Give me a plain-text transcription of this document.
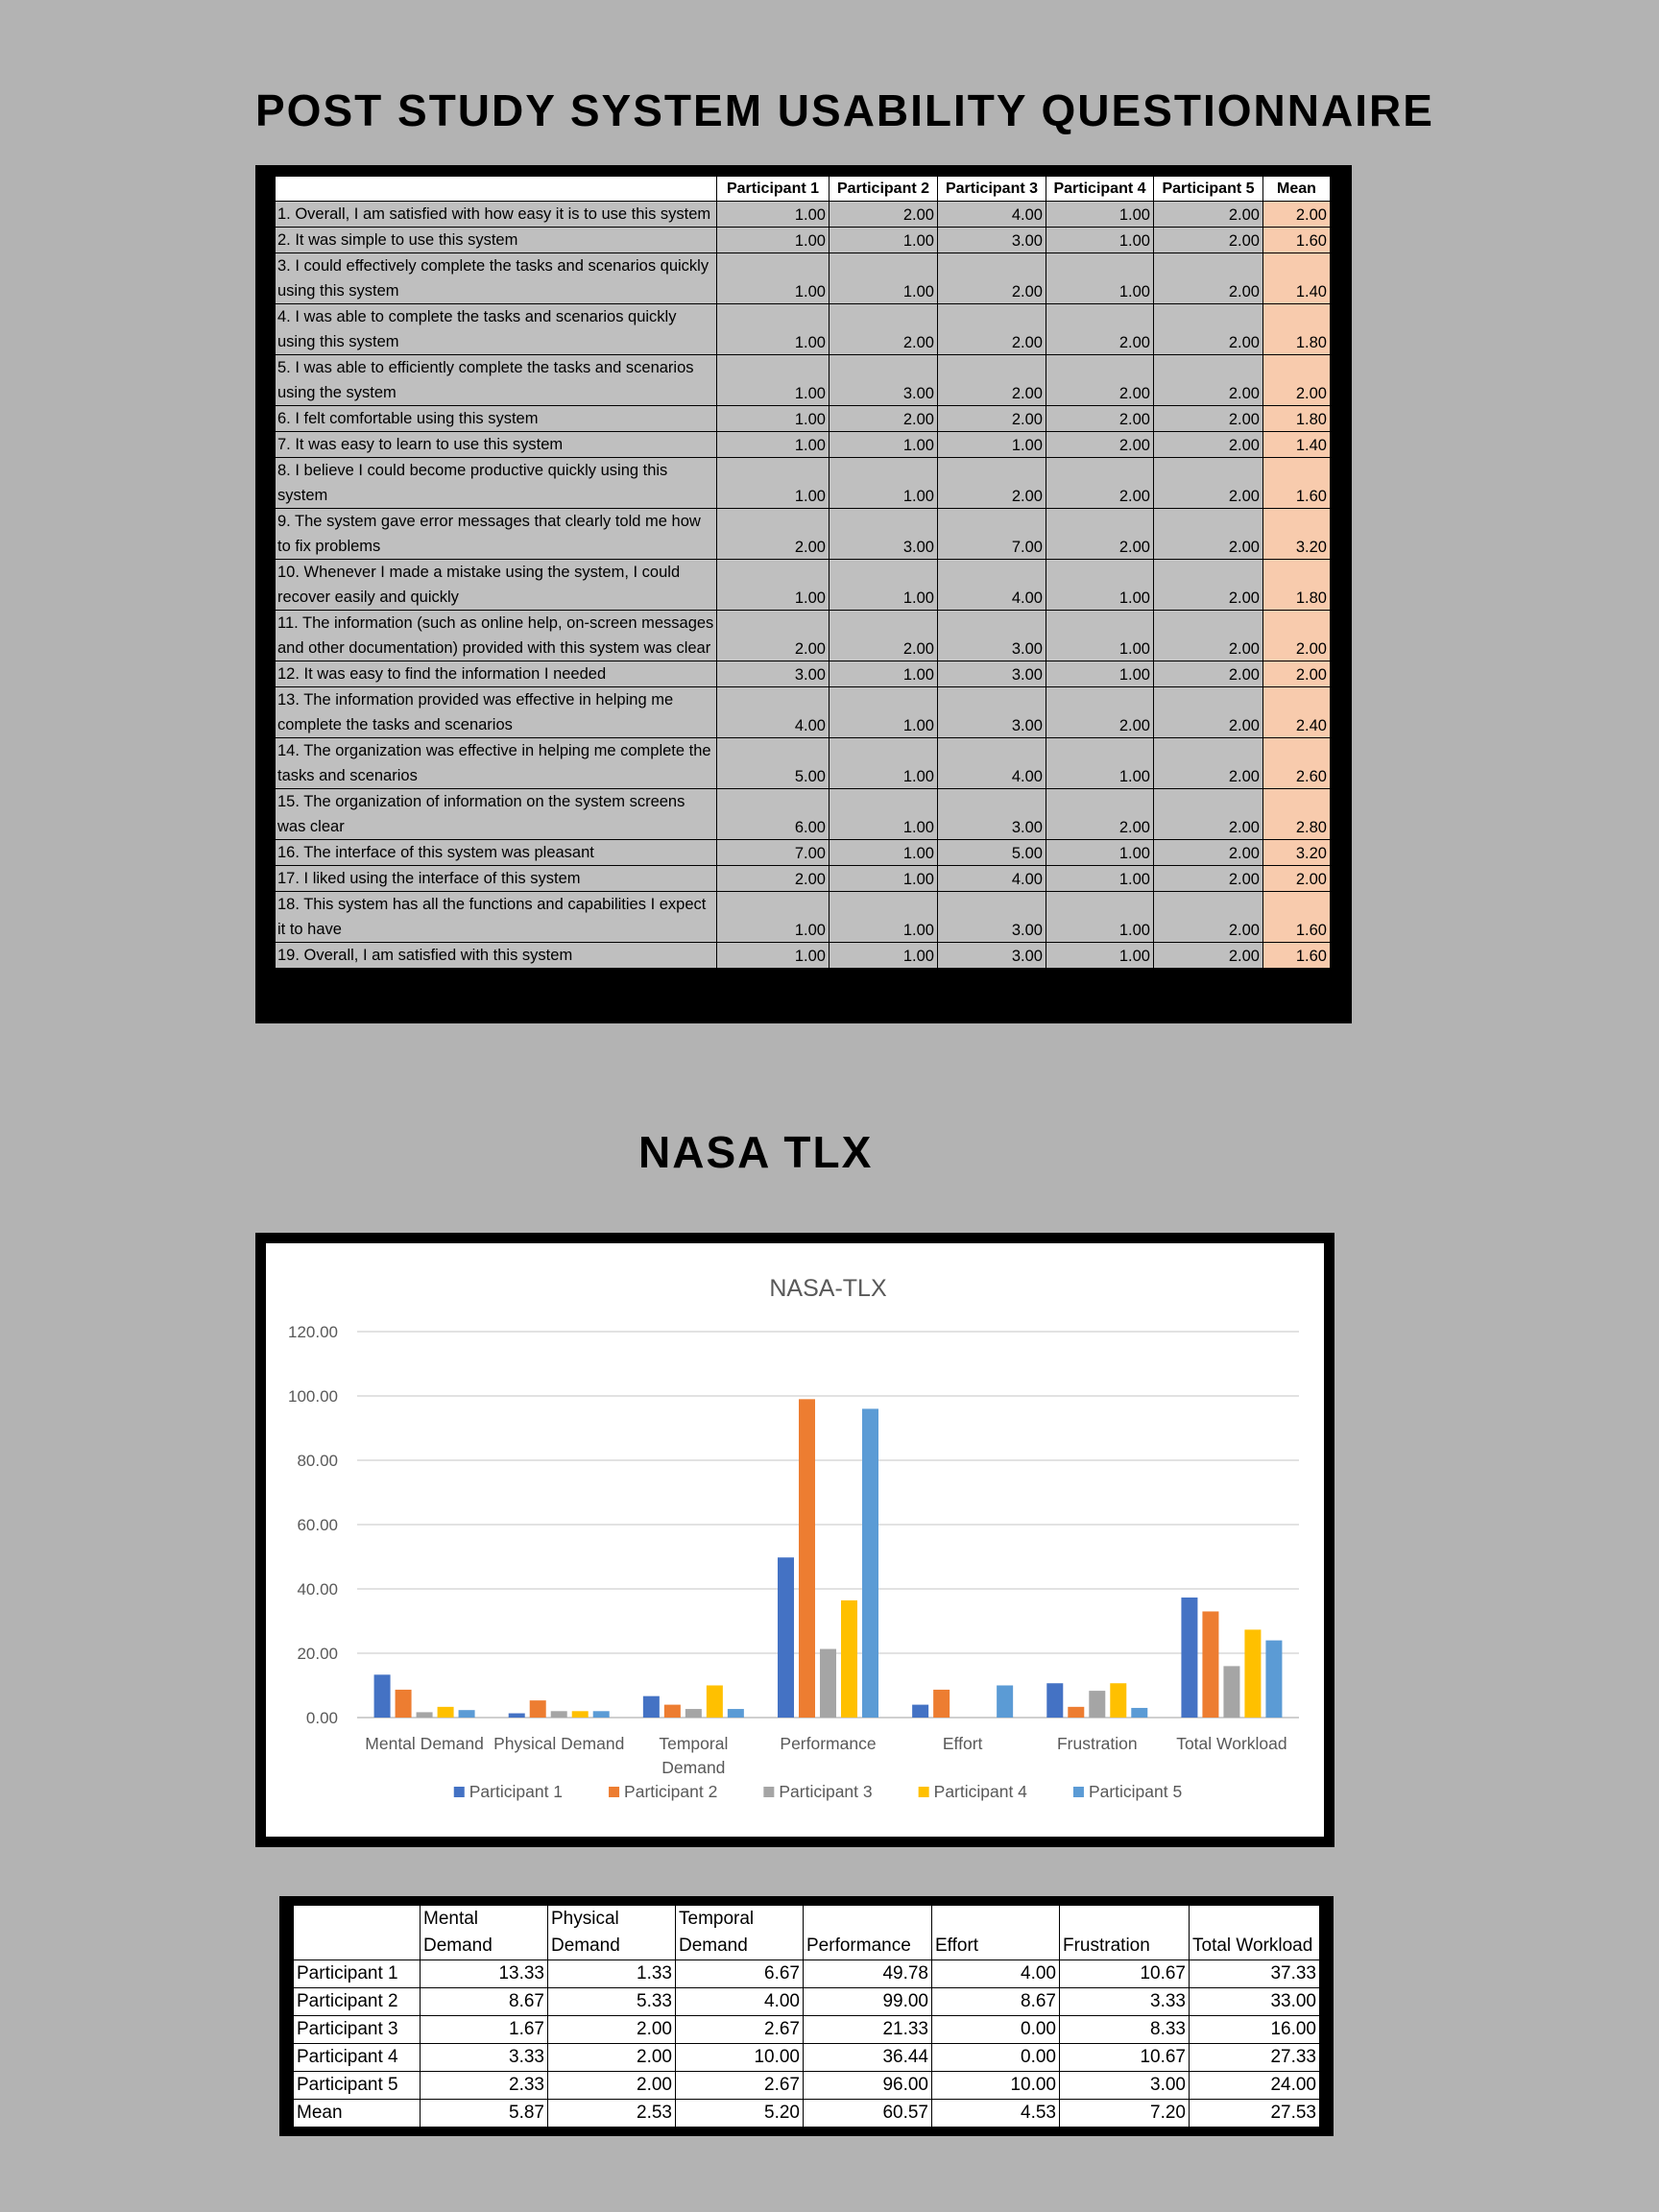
POST STUDY SYSTEM USABILITY QUESTIONNAIRE
	Participant 1	Participant 2	Participant 3	Participant 4	Participant 5	Mean
1. Overall, I am satisfied with how easy it is to use this system	1.00	2.00	4.00	1.00	2.00	2.00
2. It was simple to use this system	1.00	1.00	3.00	1.00	2.00	1.60
3. I could effectively complete the tasks and scenarios quickly using this system	1.00	1.00	2.00	1.00	2.00	1.40
4. I was able to complete the tasks and scenarios quickly using this system	1.00	2.00	2.00	2.00	2.00	1.80
5. I was able to efficiently complete the tasks and scenarios using the system	1.00	3.00	2.00	2.00	2.00	2.00
6. I felt comfortable using this system	1.00	2.00	2.00	2.00	2.00	1.80
7. It was easy to learn to use this system	1.00	1.00	1.00	2.00	2.00	1.40
8. I believe I could become productive quickly using this system	1.00	1.00	2.00	2.00	2.00	1.60
9. The system gave error messages that clearly told me how to fix problems	2.00	3.00	7.00	2.00	2.00	3.20
10. Whenever I made a mistake using the system, I could recover easily and quickly	1.00	1.00	4.00	1.00	2.00	1.80
11. The information (such as online help, on-screen messages and other documentation) provided with this system was clear	2.00	2.00	3.00	1.00	2.00	2.00
12. It was easy to find the information I needed	3.00	1.00	3.00	1.00	2.00	2.00
13. The information provided was effective in helping me complete the tasks and scenarios	4.00	1.00	3.00	2.00	2.00	2.40
14. The organization was effective in helping me complete the tasks and scenarios	5.00	1.00	4.00	1.00	2.00	2.60
15. The organization of information on the system screens was clear	6.00	1.00	3.00	2.00	2.00	2.80
16. The interface of this system was pleasant	7.00	1.00	5.00	1.00	2.00	3.20
17. I liked using the interface of this system	2.00	1.00	4.00	1.00	2.00	2.00
18. This system has all the functions and capabilities I expect it to have	1.00	1.00	3.00	1.00	2.00	1.60
19. Overall, I am satisfied with this system	1.00	1.00	3.00	1.00	2.00	1.60
NASA TLX
NASA-TLX
0.00
20.00
40.00
60.00
80.00
100.00
120.00
Mental Demand Physical Demand Temporal Demand
Performance	Effort	Frustration Total Workload
Participant 1	Participant 2	Participant 3	Participant 4	Participant 5
	Mental Demand	Physical Demand	Temporal Demand	Performance	Effort	Frustration	Total Workload
Participant 1	13.33	1.33	6.67	49.78	4.00	10.67	37.33
Participant 2	8.67	5.33	4.00	99.00	8.67	3.33	33.00
Participant 3	1.67	2.00	2.67	21.33	0.00	8.33	16.00
Participant 4	3.33	2.00	10.00	36.44	0.00	10.67	27.33
Participant 5	2.33	2.00	2.67	96.00	10.00	3.00	24.00
Mean	5.87	2.53	5.20	60.57	4.53	7.20	27.53
